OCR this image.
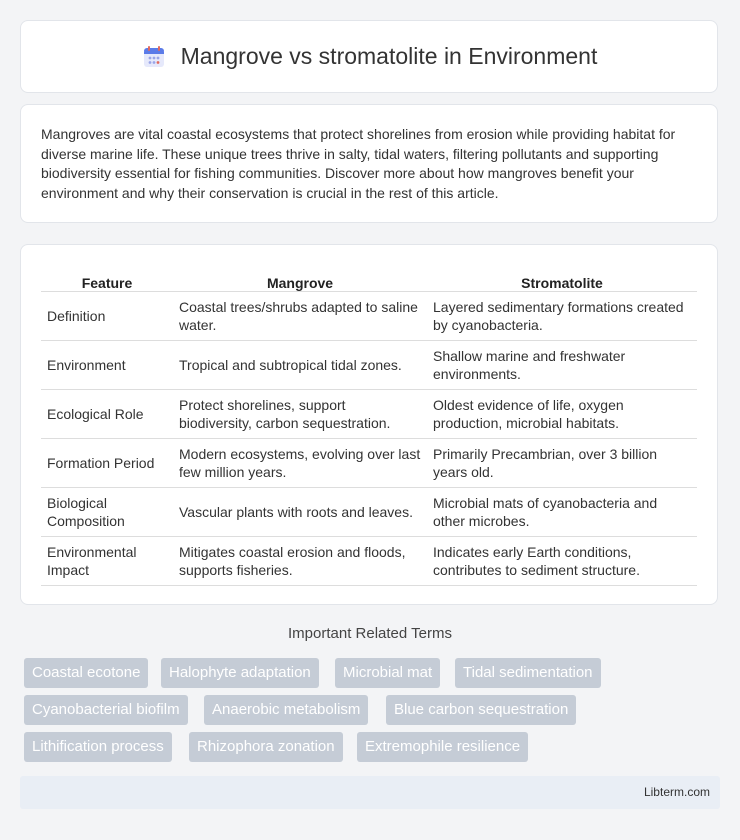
Mangrove vs stromatolite in Environment

Mangroves are vital coastal ecosystems that protect shorelines from erosion while providing habitat for diverse marine life. These unique trees thrive in salty, tidal waters, filtering pollutants and supporting biodiversity essential for fishing communities. Discover more about how mangroves benefit your environment and why their conservation is crucial in the rest of this article.

Feature	Mangrove	Stromatolite
Definition	Coastal trees/shrubs adapted to saline water.	Layered sedimentary formations created by cyanobacteria.
Environment	Tropical and subtropical tidal zones.	Shallow marine and freshwater environments.
Ecological Role	Protect shorelines, support biodiversity, carbon sequestration.	Oldest evidence of life, oxygen production, microbial habitats.
Formation Period	Modern ecosystems, evolving over last few million years.	Primarily Precambrian, over 3 billion years old.
Biological Composition	Vascular plants with roots and leaves.	Microbial mats of cyanobacteria and other microbes.
Environmental Impact	Mitigates coastal erosion and floods, supports fisheries.	Indicates early Earth conditions, contributes to sediment structure.
Important Related Terms
Coastal ecotone	Halophyte adaptation	Microbial mat	Tidal sedimentation
Cyanobacterial biofilm	Anaerobic metabolism	Blue carbon sequestration
Lithification process	Rhizophora zonation	Extremophile resilience
Libterm.com
